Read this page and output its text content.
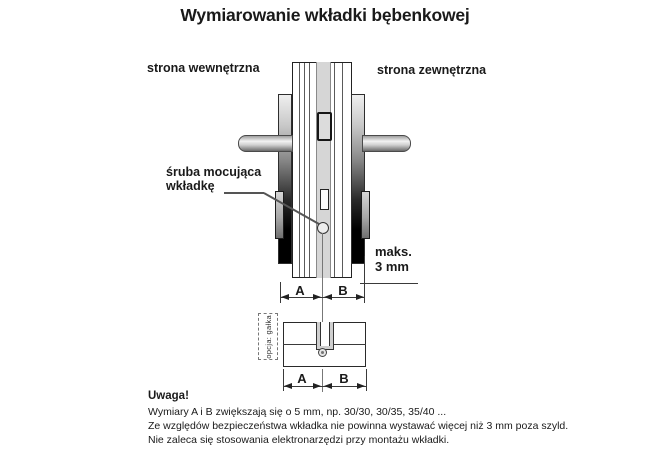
Wymiarowanie wkładki bębenkowej
strona wewnętrzna	strona zewnętrzna
śruba mocująca
wkładkę
maks.
3 mm
A	B
opcja: gałka
A	B
Uwaga!
Wymiary A i B zwiększają się o 5 mm, np. 30/30, 30/35, 35/40 ...
Ze względów bezpieczeństwa wkładka nie powinna wystawać więcej niż 3 mm poza szyld.
Nie zaleca się stosowania elektronarzędzi przy montażu wkładki.
